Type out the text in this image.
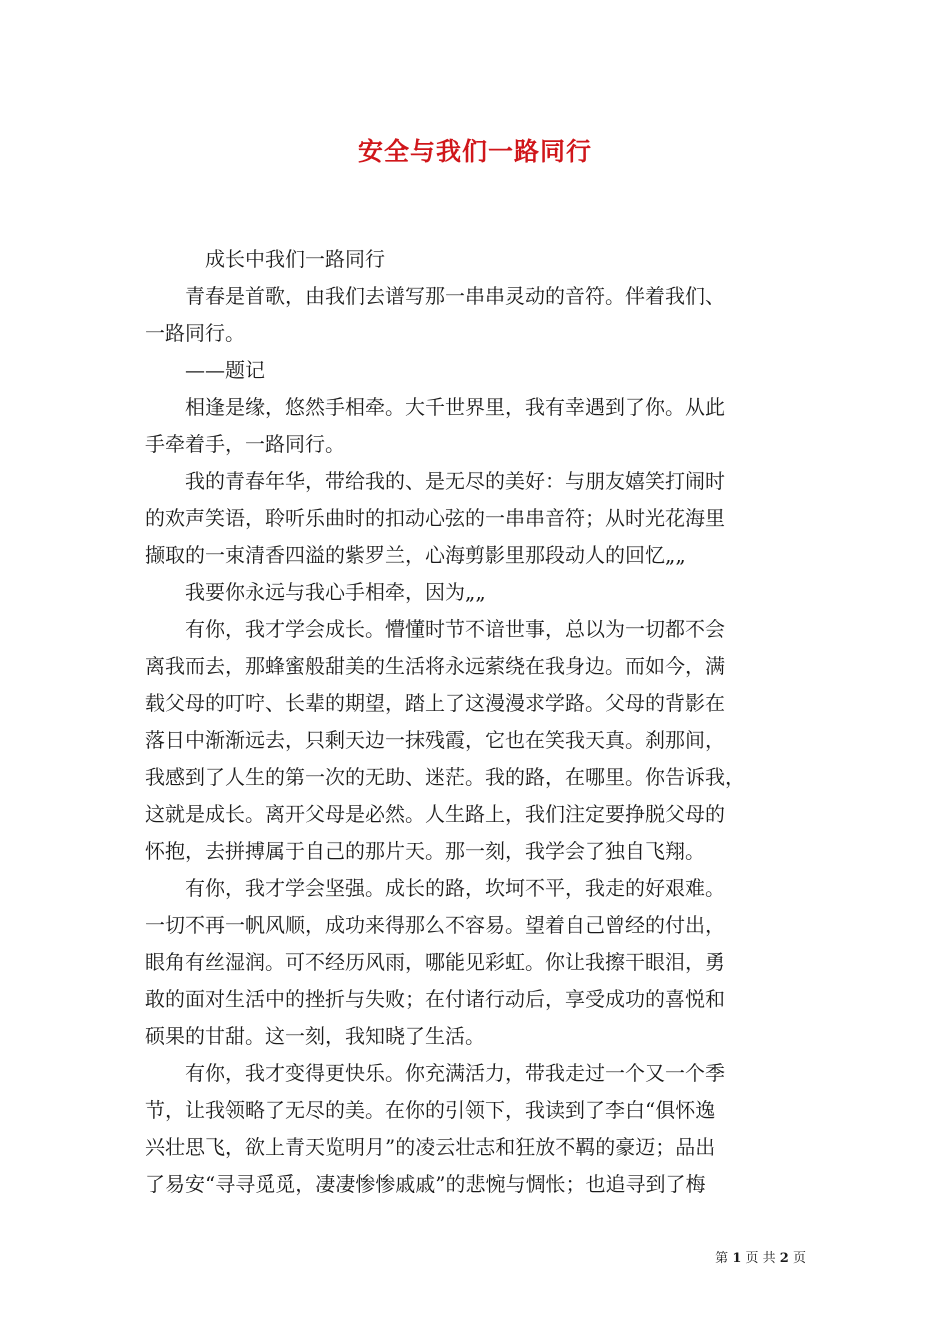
安全与我们一路同行
　　　成长中我们一路同行
　　青春是首歌，由我们去谱写那一串串灵动的音符。伴着我们、
一路同行。
　　——题记
　　相逢是缘，悠然手相牵。大千世界里，我有幸遇到了你。从此
手牵着手，一路同行。
　　我的青春年华，带给我的、是无尽的美好：与朋友嬉笑打闹时
的欢声笑语，聆听乐曲时的扣动心弦的一串串音符；从时光花海里
撷取的一束清香四溢的紫罗兰，心海剪影里那段动人的回忆„„
　　我要你永远与我心手相牵，因为„„
　　有你，我才学会成长。懵懂时节不谙世事，总以为一切都不会
离我而去，那蜂蜜般甜美的生活将永远萦绕在我身边。而如今，满
载父母的叮咛、长辈的期望，踏上了这漫漫求学路。父母的背影在
落日中渐渐远去，只剩天边一抹残霞，它也在笑我天真。刹那间，
我感到了人生的第一次的无助、迷茫。我的路，在哪里。你告诉我，
这就是成长。离开父母是必然。人生路上，我们注定要挣脱父母的
怀抱，去拼搏属于自己的那片天。那一刻，我学会了独自飞翔。
　　有你，我才学会坚强。成长的路，坎坷不平，我走的好艰难。
一切不再一帆风顺，成功来得那么不容易。望着自己曾经的付出，
眼角有丝湿润。可不经历风雨，哪能见彩虹。你让我擦干眼泪，勇
敢的面对生活中的挫折与失败；在付诸行动后，享受成功的喜悦和
硕果的甘甜。这一刻，我知晓了生活。
　　有你，我才变得更快乐。你充满活力，带我走过一个又一个季
节，让我领略了无尽的美。在你的引领下，我读到了李白“俱怀逸
兴壮思飞，欲上青天览明月”的凌云壮志和狂放不羁的豪迈；品出
了易安“寻寻觅觅，凄凄惨惨戚戚”的悲惋与惆怅；也追寻到了梅
第 1 页 共 2 页
